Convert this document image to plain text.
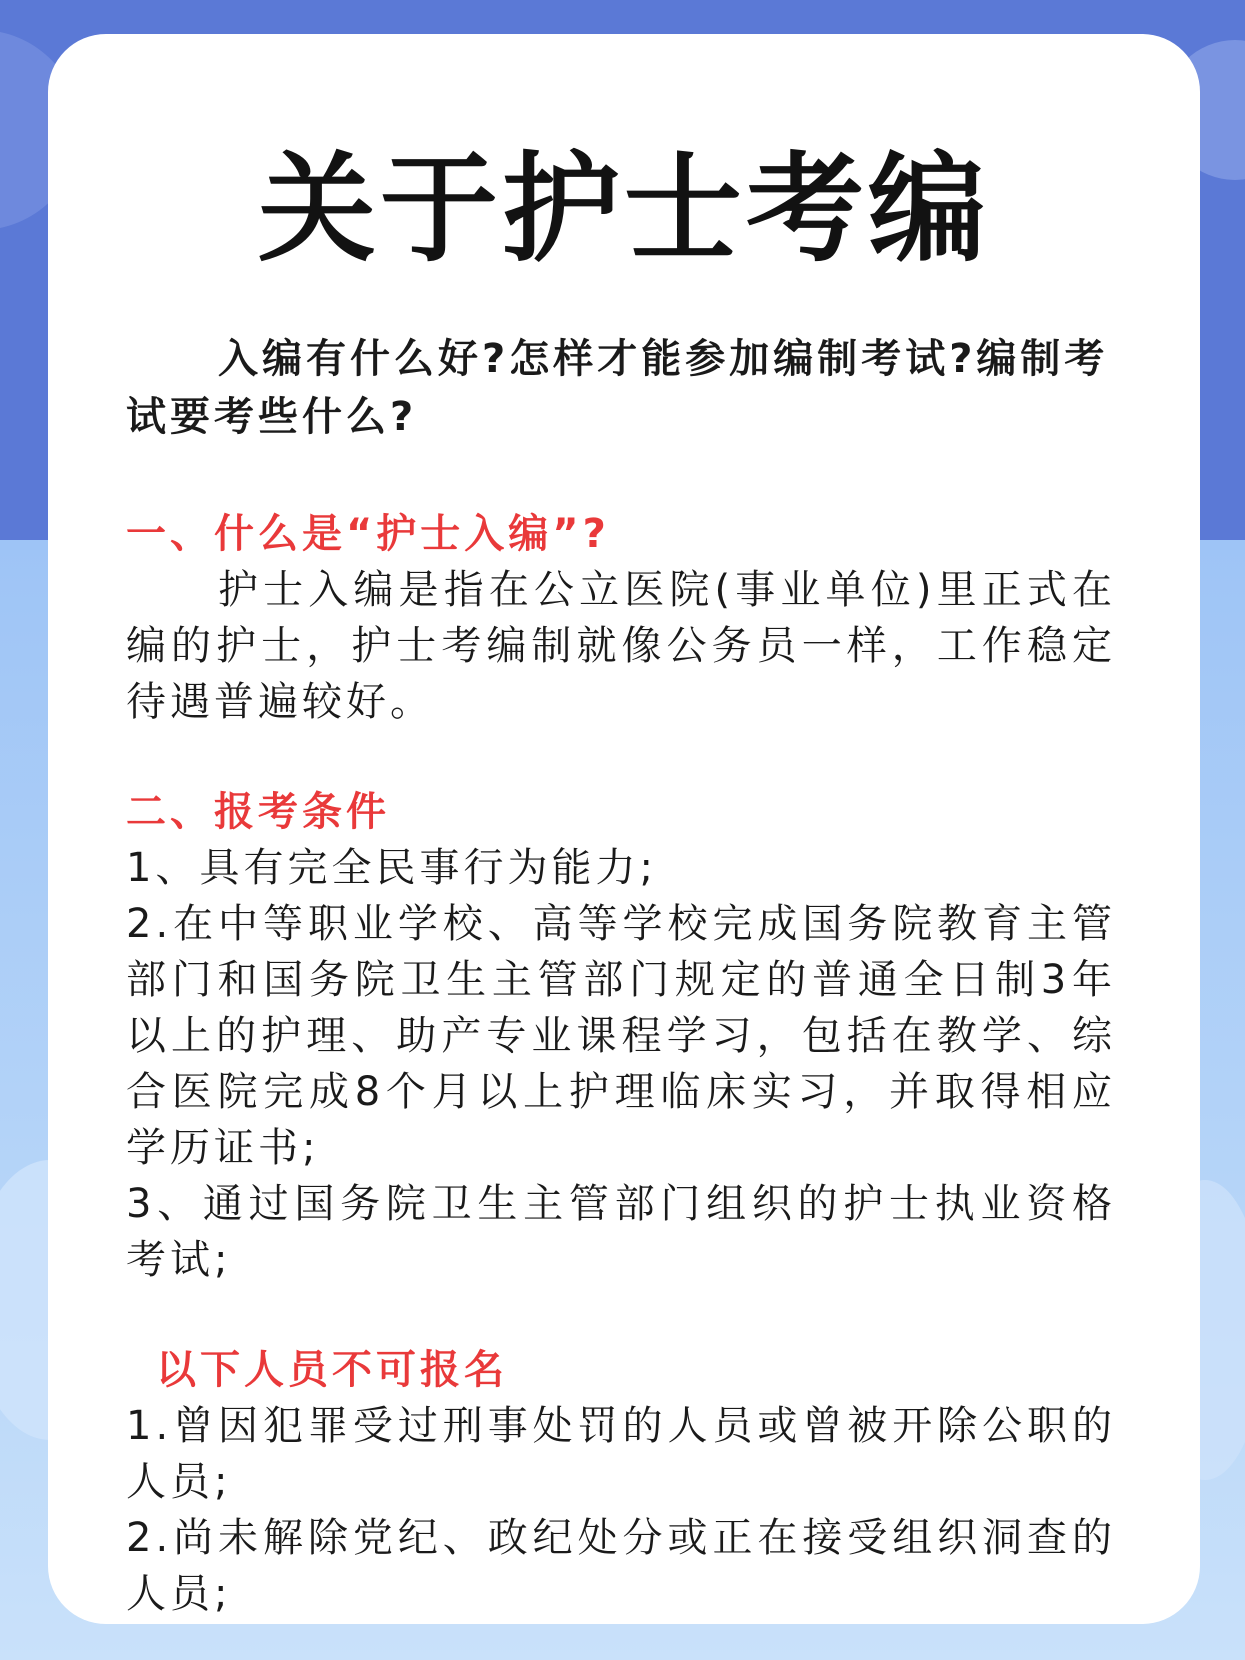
关于护士考编

入编有什么好?怎样才能参加编制考试?编制考试要考些什么?

一、什么是“护士入编”?

护士入编是指在公立医院(事业单位)里正式在编的护士，护士考编制就像公务员一样，工作稳定待遇普遍较好。

二、报考条件

1、具有完全民事行为能力;

2.在中等职业学校、高等学校完成国务院教育主管部门和国务院卫生主管部门规定的普通全日制3年以上的护理、助产专业课程学习，包括在教学、综合医院完成8个月以上护理临床实习，并取得相应学历证书;

3、通过国务院卫生主管部门组织的护士执业资格考试;

以下人员不可报名

1.曾因犯罪受过刑事处罚的人员或曾被开除公职的人员;

2.尚未解除党纪、政纪处分或正在接受组织洞查的人员;
